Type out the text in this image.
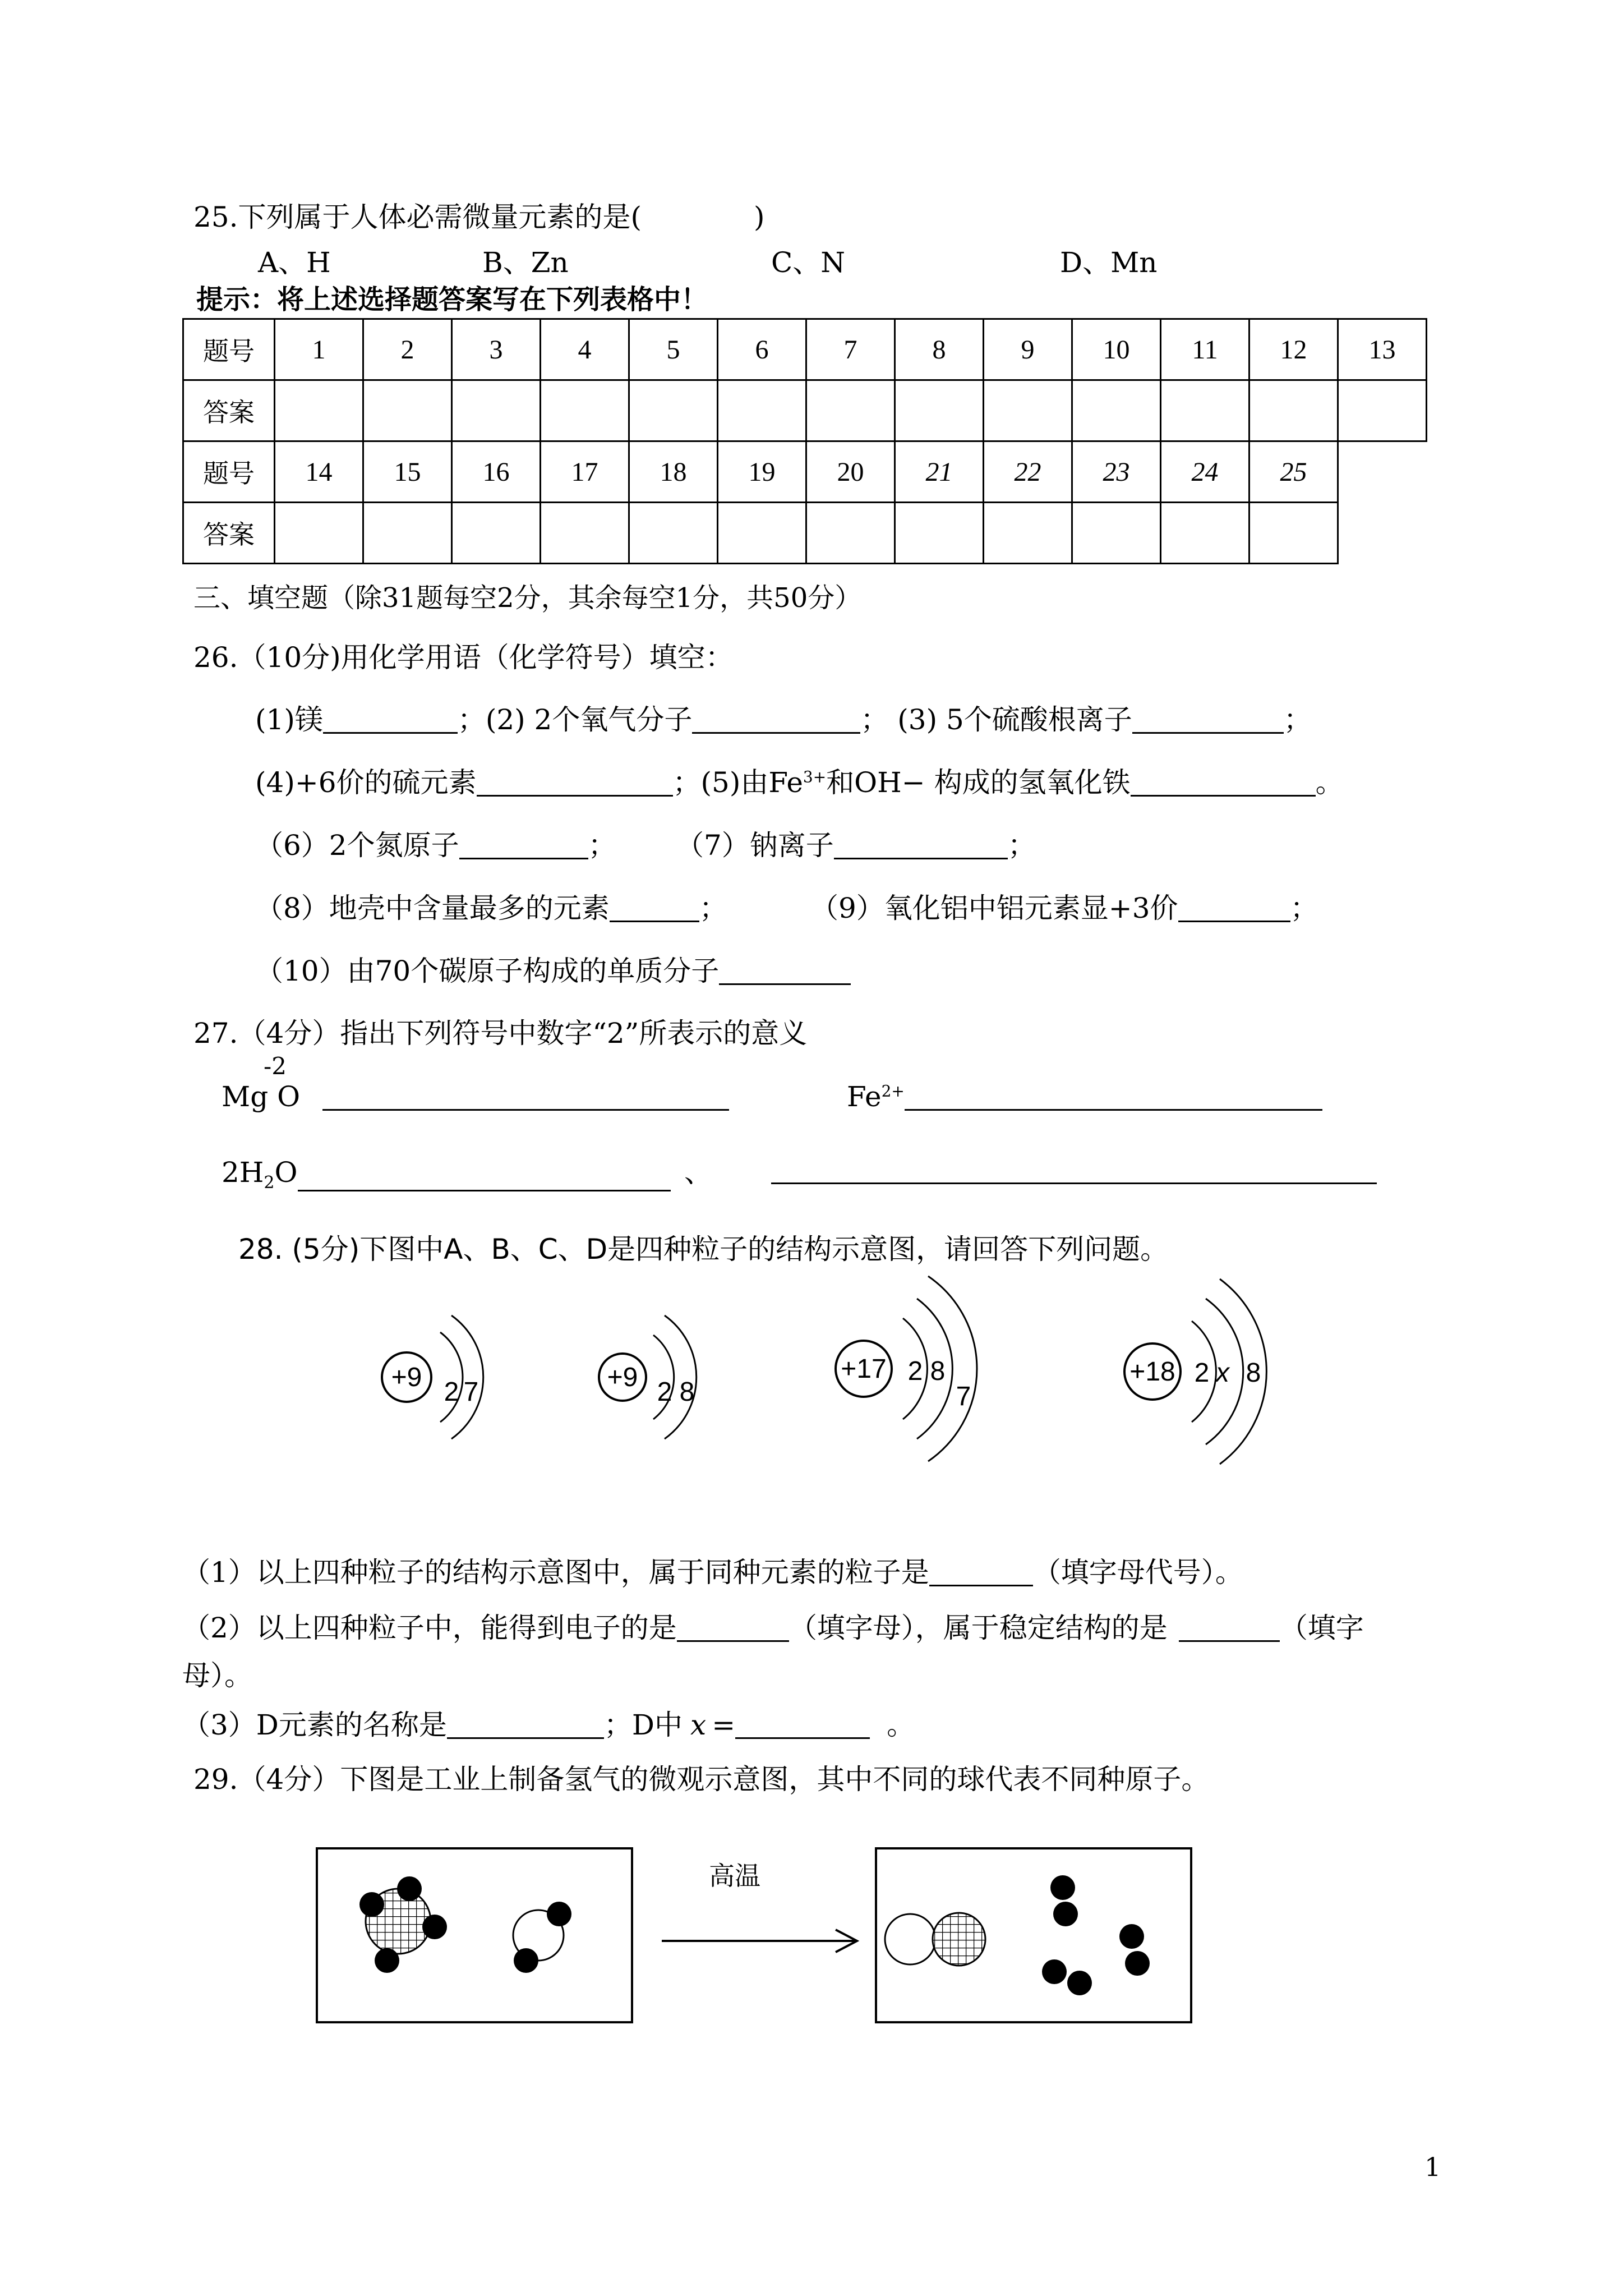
25.下列属于人体必需微量元素的是(	)
A、H	B、Zn	C、N	D、Mn
提示：将上述选择题答案写在下列表格中！
题号	1	2	3	4	5	6	7	8	9	10	11	12	13
答案													
题号	14	15	16	17	18	19	20	21	22	23	24	25	
答案													
三、填空题（除31题每空2分，其余每空1分，共50分）
26.（10分)用化学用语（化学符号）填空：
(1)镁	；(2) 2个氧气分子	； (3) 5个硫酸根离子	；
(4)+6价的硫元素	；(5)由$Fe^{3+}$和OH− 构成的氢氧化铁	。
（6）2个氮原子	； （7）钠离子	；
（8）地壳中含量最多的元素	；	（9）氧化铝中铝元素显+3价	；
（10）由70个碳原子构成的单质分子
27.（4分）指出下列符号中数字“2”所表示的意义
-2
Mg O	$Fe^{2+}$
$2H_2O$	、
28. (5分)下图中A、B、C、D是四种粒子的结构示意图，请回答下列问题。
+9 2 7	+9 2 8
+17 2 8
7
+18 2 x 8
（1）以上四种粒子的结构示意图中，属于同种元素的粒子是	（填字母代号）。
（2）以上四种粒子中，能得到电子的是	（填字母），属于稳定结构的是	（填字
母）。
（3）D元素的名称是	；D中 x =	。
29.（4分）下图是工业上制备氢气的微观示意图，其中不同的球代表不同种原子。
高温
1
